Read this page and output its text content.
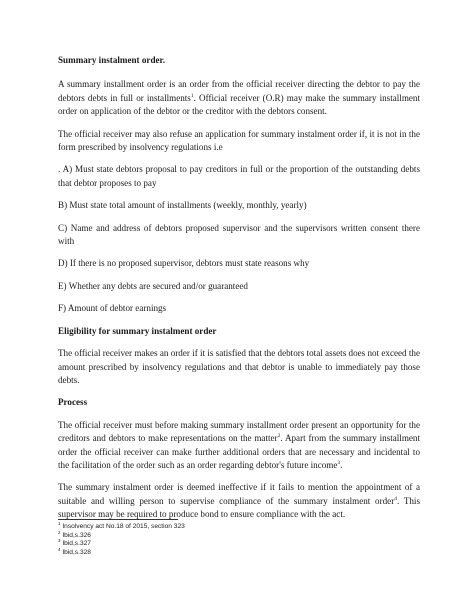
Summary instalment order.

A summary installment order is an order from the official receiver directing the debtor to pay the debtors debts in full or installments$^1$. Official receiver (O.R) may make the summary installment order on application of the debtor or the creditor with the debtors consent.

The official receiver may also refuse an application for summary instalment order if, it is not in the form prescribed by insolvency regulations i.e

. A) Must state debtors proposal to pay creditors in full or the proportion of the outstanding debts that debtor proposes to pay

B) Must state total amount of installments (weekly, monthly, yearly)

C) Name and address of debtors proposed supervisor and the supervisors written consent there with

D) If there is no proposed supervisor, debtors must state reasons why

E) Whether any debts are secured and/or guaranteed

F) Amount of debtor earnings

Eligibility for summary instalment order

The official receiver makes an order if it is satisfied that the debtors total assets does not exceed the amount prescribed by insolvency regulations and that debtor is unable to immediately pay those debts.

Process

The official receiver must before making summary installment order present an opportunity for the creditors and debtors to make representations on the matter$^2$. Apart from the summary installment order the official receiver can make further additional orders that are necessary and incidental to the facilitation of the order such as an order regarding debtor's future income$^3$.

The summary instalment order is deemed ineffective if it fails to mention the appointment of a suitable and willing person to supervise compliance of the summary instalment order$^4$. This supervisor may be required to produce bond to ensure compliance with the act.

$^1$ Insolvency act No.18 of 2015, section 323
$^2$ Ibid,s.326
$^3$ Ibid,s.327
$^4$ Ibid,s.328
